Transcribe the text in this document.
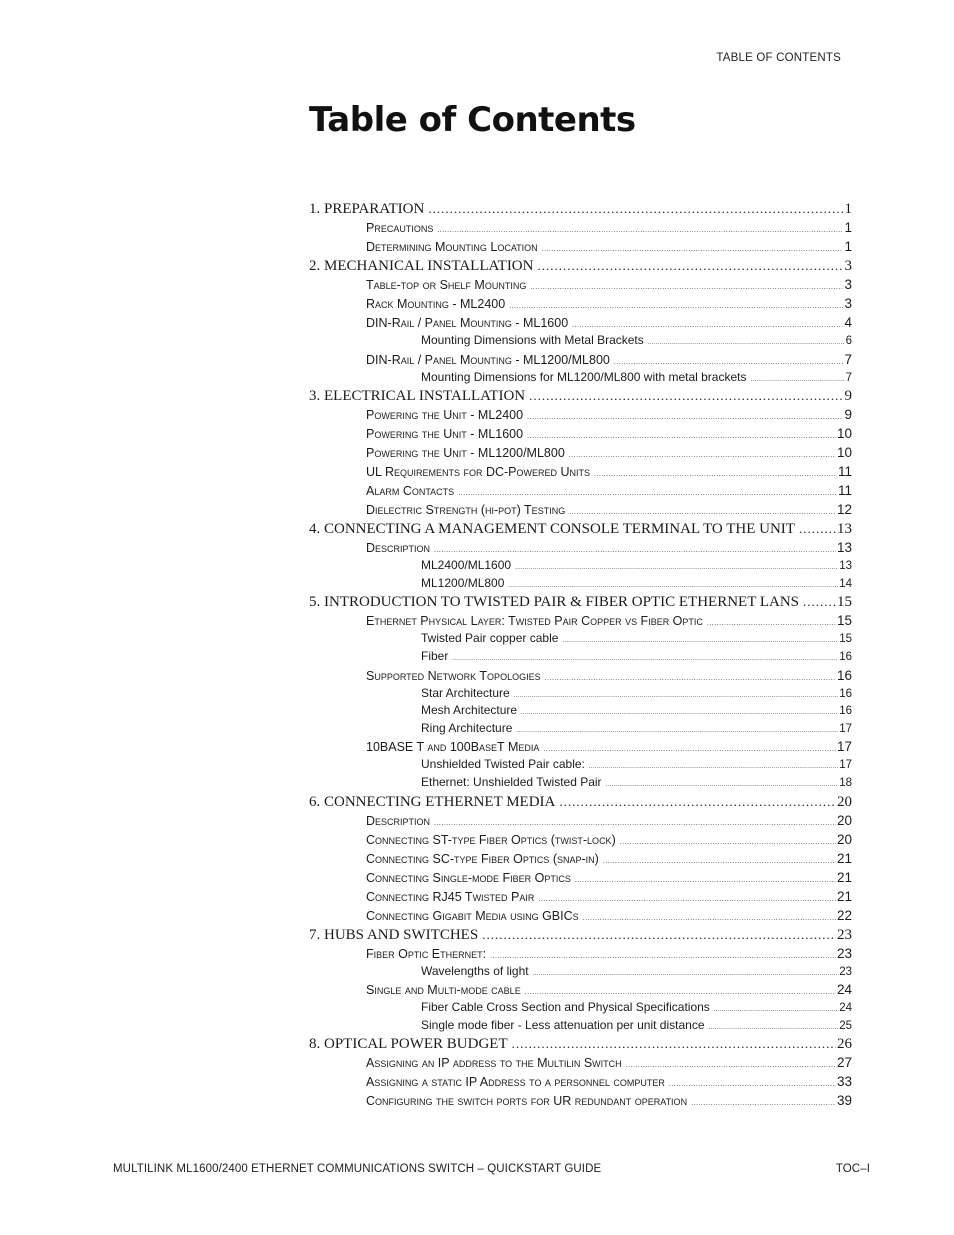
TABLE OF CONTENTS
Table of Contents
1. PREPARATION .....	1
Precautions .....	1
Determining Mounting Location .....	1
2. MECHANICAL INSTALLATION .....	3
Table-top or Shelf Mounting .....	3
Rack Mounting - ML2400 .....	3
DIN-Rail / Panel Mounting - ML1600 .....	4
Mounting Dimensions with Metal Brackets .....	6
DIN-Rail / Panel Mounting - ML1200/ML800 .....	7
Mounting Dimensions for ML1200/ML800 with metal brackets .....	7
3. ELECTRICAL INSTALLATION .....	9
Powering the Unit - ML2400 .....	9
Powering the Unit - ML1600 .....	10
Powering the Unit - ML1200/ML800 .....	10
UL Requirements for DC-Powered Units .....	11
Alarm Contacts .....	11
Dielectric Strength (hi-pot) Testing .....	12
4. CONNECTING A MANAGEMENT CONSOLE TERMINAL TO THE UNIT .....	13
Description .....	13
ML2400/ML1600 .....	13
ML1200/ML800 .....	14
5. INTRODUCTION TO TWISTED PAIR & FIBER OPTIC ETHERNET LANS .....	15
Ethernet Physical Layer: Twisted Pair Copper vs Fiber Optic .....	15
Twisted Pair copper cable .....	15
Fiber .....	16
Supported Network Topologies .....	16
Star Architecture .....	16
Mesh Architecture .....	16
Ring Architecture .....	17
10BASE T and 100BaseT Media .....	17
Unshielded Twisted Pair cable: .....	17
Ethernet: Unshielded Twisted Pair .....	18
6. CONNECTING ETHERNET MEDIA .....	20
Description .....	20
Connecting ST-type Fiber Optics (twist-lock) .....	20
Connecting SC-type Fiber Optics (snap-in) .....	21
Connecting Single-mode Fiber Optics .....	21
Connecting RJ45 Twisted Pair .....	21
Connecting Gigabit Media using GBICs .....	22
7. HUBS AND SWITCHES .....	23
Fiber Optic Ethernet: .....	23
Wavelengths of light .....	23
Single and Multi-mode cable .....	24
Fiber Cable Cross Section and Physical Specifications .....	24
Single mode fiber - Less attenuation per unit distance .....	25
8. OPTICAL POWER BUDGET .....	26
Assigning an IP address to the Multilin Switch .....	27
Assigning a static IP Address to a personnel computer .....	33
Configuring the switch ports for UR redundant operation .....	39
MULTILINK ML1600/2400 ETHERNET COMMUNICATIONS SWITCH – QUICKSTART GUIDE	TOC–I
